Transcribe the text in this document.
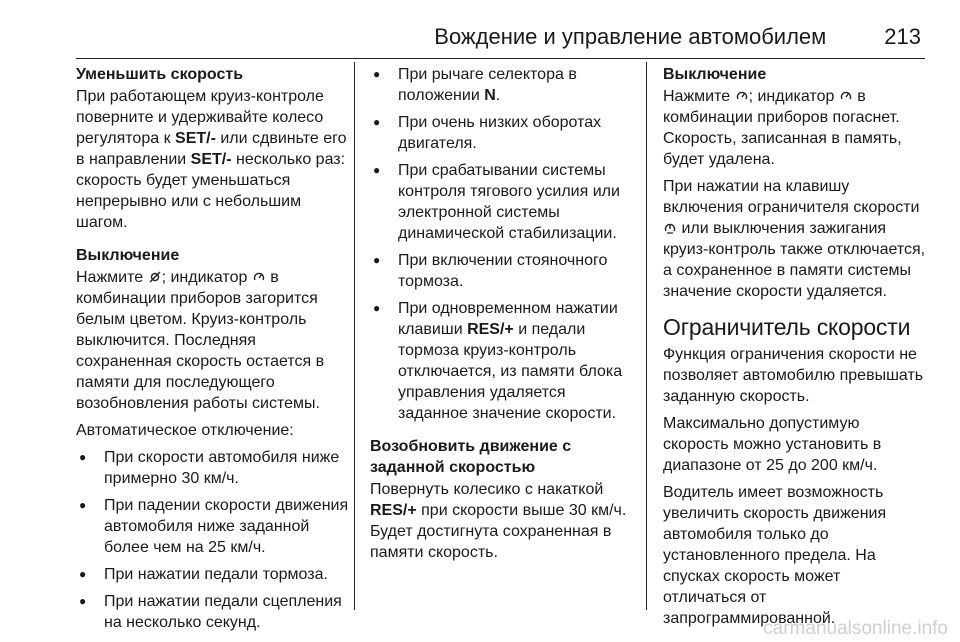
Вождение и управление автомобилем	213
Уменьшить скорость

При работающем круиз-контроле поверните и удерживайте колесо регулятора к SET/- или сдвиньте его в направлении SET/- несколько раз: скорость будет уменьшаться непрерывно или с небольшим шагом.

Выключение

Нажмите ; индикатор  в комбинации приборов загорится белым цветом. Круиз-контроль выключится. Последняя сохраненная скорость остается в памяти для последующего возобновления работы системы.

Автоматическое отключение:

● При скорости автомобиля ниже примерно 30 км/ч.
● При падении скорости движения автомобиля ниже заданной более чем на 25 км/ч.
● При нажатии педали тормоза.
● При нажатии педали сцепления на несколько секунд.
● При рычаге селектора в положении N.
● При очень низких оборотах двигателя.
● При срабатывании системы контроля тягового усилия или электронной системы динамической стабилизации.
● При включении стояночного тормоза.
● При одновременном нажатии клавиши RES/+ и педали тормоза круиз-контроль отключается, из памяти блока управления удаляется заданное значение скорости.
Возобновить движение с заданной скоростью

Повернуть колесико с накаткой RES/+ при скорости выше 30 км/ч. Будет достигнута сохраненная в памяти скорость.

Выключение

Нажмите ; индикатор  в комбинации приборов погаснет. Скорость, записанная в память, будет удалена.

При нажатии на клавишу включения ограничителя скорости  или выключения зажигания круиз-контроль также отключается, а сохраненное в памяти системы значение скорости удаляется.

Ограничитель скорости

Функция ограничения скорости не позволяет автомобилю превышать заданную скорость.

Максимально допустимую скорость можно установить в диапазоне от 25 до 200 км/ч.

Водитель имеет возможность увеличить скорость движения автомобиля только до установленного предела. На спусках скорость может отличаться от запрограммированной.

carmanualsonline.info
